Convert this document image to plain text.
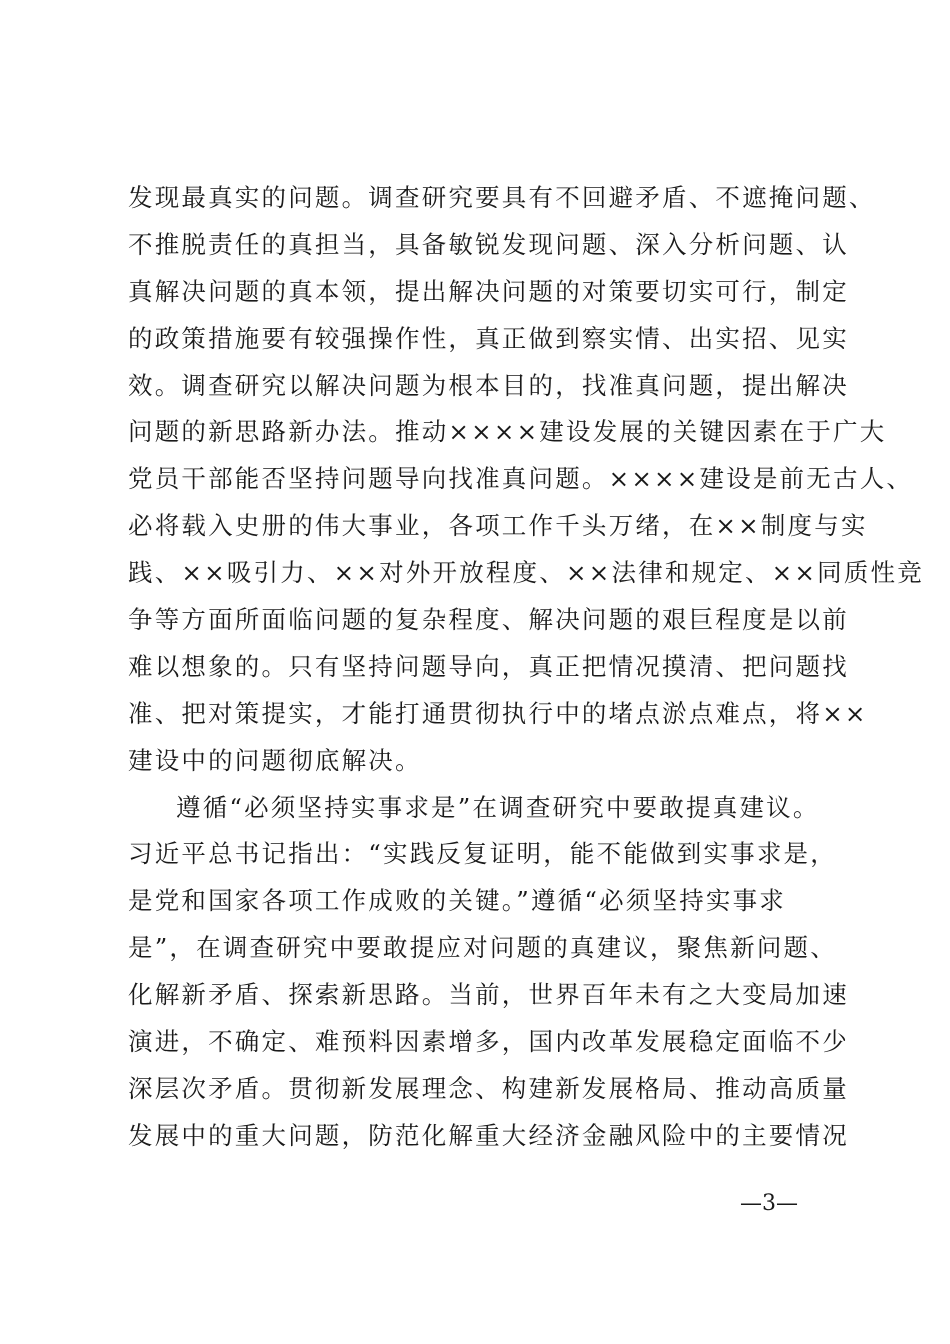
发现最真实的问题。调查研究要具有不回避矛盾、不遮掩问题、
不推脱责任的真担当，具备敏锐发现问题、深入分析问题、认
真解决问题的真本领，提出解决问题的对策要切实可行，制定
的政策措施要有较强操作性，真正做到察实情、出实招、见实
效。调查研究以解决问题为根本目的，找准真问题，提出解决
问题的新思路新办法。推动××××建设发展的关键因素在于广大
党员干部能否坚持问题导向找准真问题。××××建设是前无古人、
必将载入史册的伟大事业，各项工作千头万绪，在××制度与实
践、××吸引力、××对外开放程度、××法律和规定、××同质性竞
争等方面所面临问题的复杂程度、解决问题的艰巨程度是以前
难以想象的。只有坚持问题导向，真正把情况摸清、把问题找
准、把对策提实，才能打通贯彻执行中的堵点淤点难点，将××
建设中的问题彻底解决。
遵循“必须坚持实事求是”在调查研究中要敢提真建议。
习近平总书记指出：“实践反复证明，能不能做到实事求是，
是党和国家各项工作成败的关键。”遵循“必须坚持实事求
是”，在调查研究中要敢提应对问题的真建议，聚焦新问题、
化解新矛盾、探索新思路。当前，世界百年未有之大变局加速
演进，不确定、难预料因素增多，国内改革发展稳定面临不少
深层次矛盾。贯彻新发展理念、构建新发展格局、推动高质量
发展中的重大问题，防范化解重大经济金融风险中的主要情况
—3—
